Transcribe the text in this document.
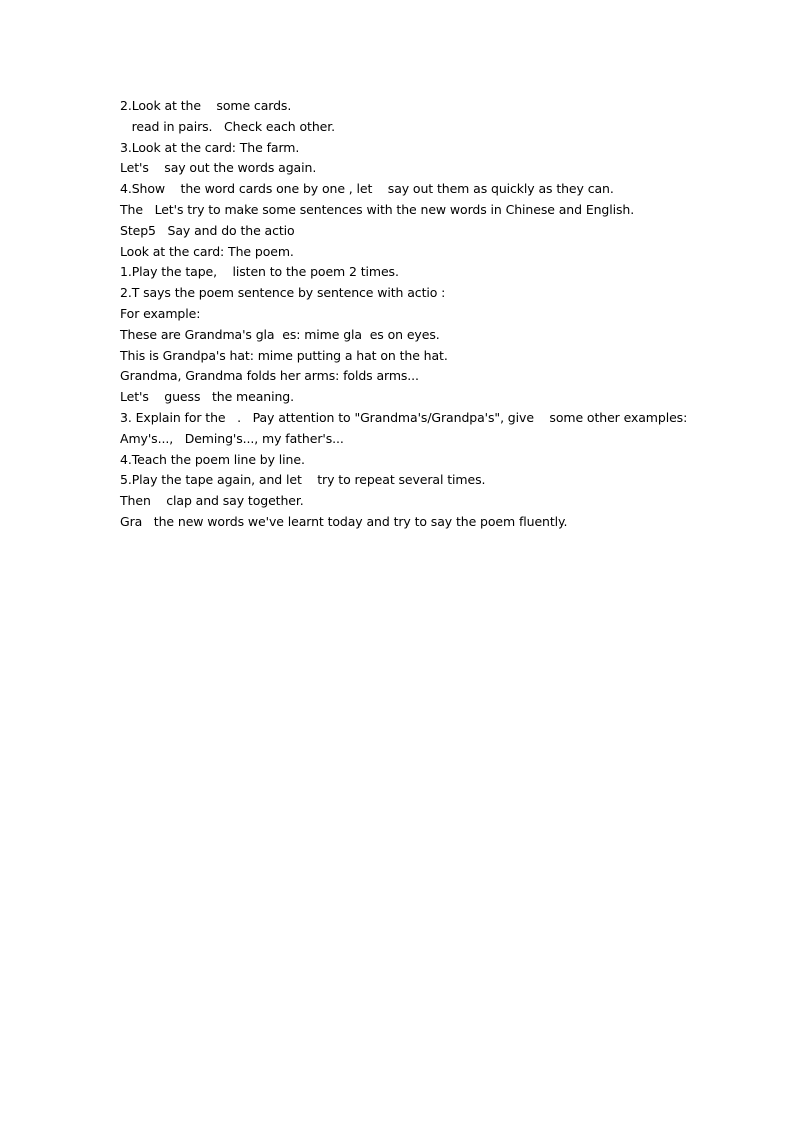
2.Look at the    some cards.
read in pairs.   Check each other.
3.Look at the card: The farm.
Let's    say out the words again.
4.Show    the word cards one by one , let    say out them as quickly as they can.
The   Let's try to make some sentences with the new words in Chinese and English.
Step5   Say and do the actio
Look at the card: The poem.
1.Play the tape,    listen to the poem 2 times.
2.T says the poem sentence by sentence with actio :
For example:
These are Grandma's gla  es: mime gla  es on eyes.
This is Grandpa's hat: mime putting a hat on the hat.
Grandma, Grandma folds her arms: folds arms...
Let's    guess   the meaning.
3. Explain for the   .   Pay attention to "Grandma's/Grandpa's", give    some other examples:
Amy's...,   Deming's..., my father's...
4.Teach the poem line by line.
5.Play the tape again, and let    try to repeat several times.
Then    clap and say together.
Gra   the new words we've learnt today and try to say the poem fluently.
